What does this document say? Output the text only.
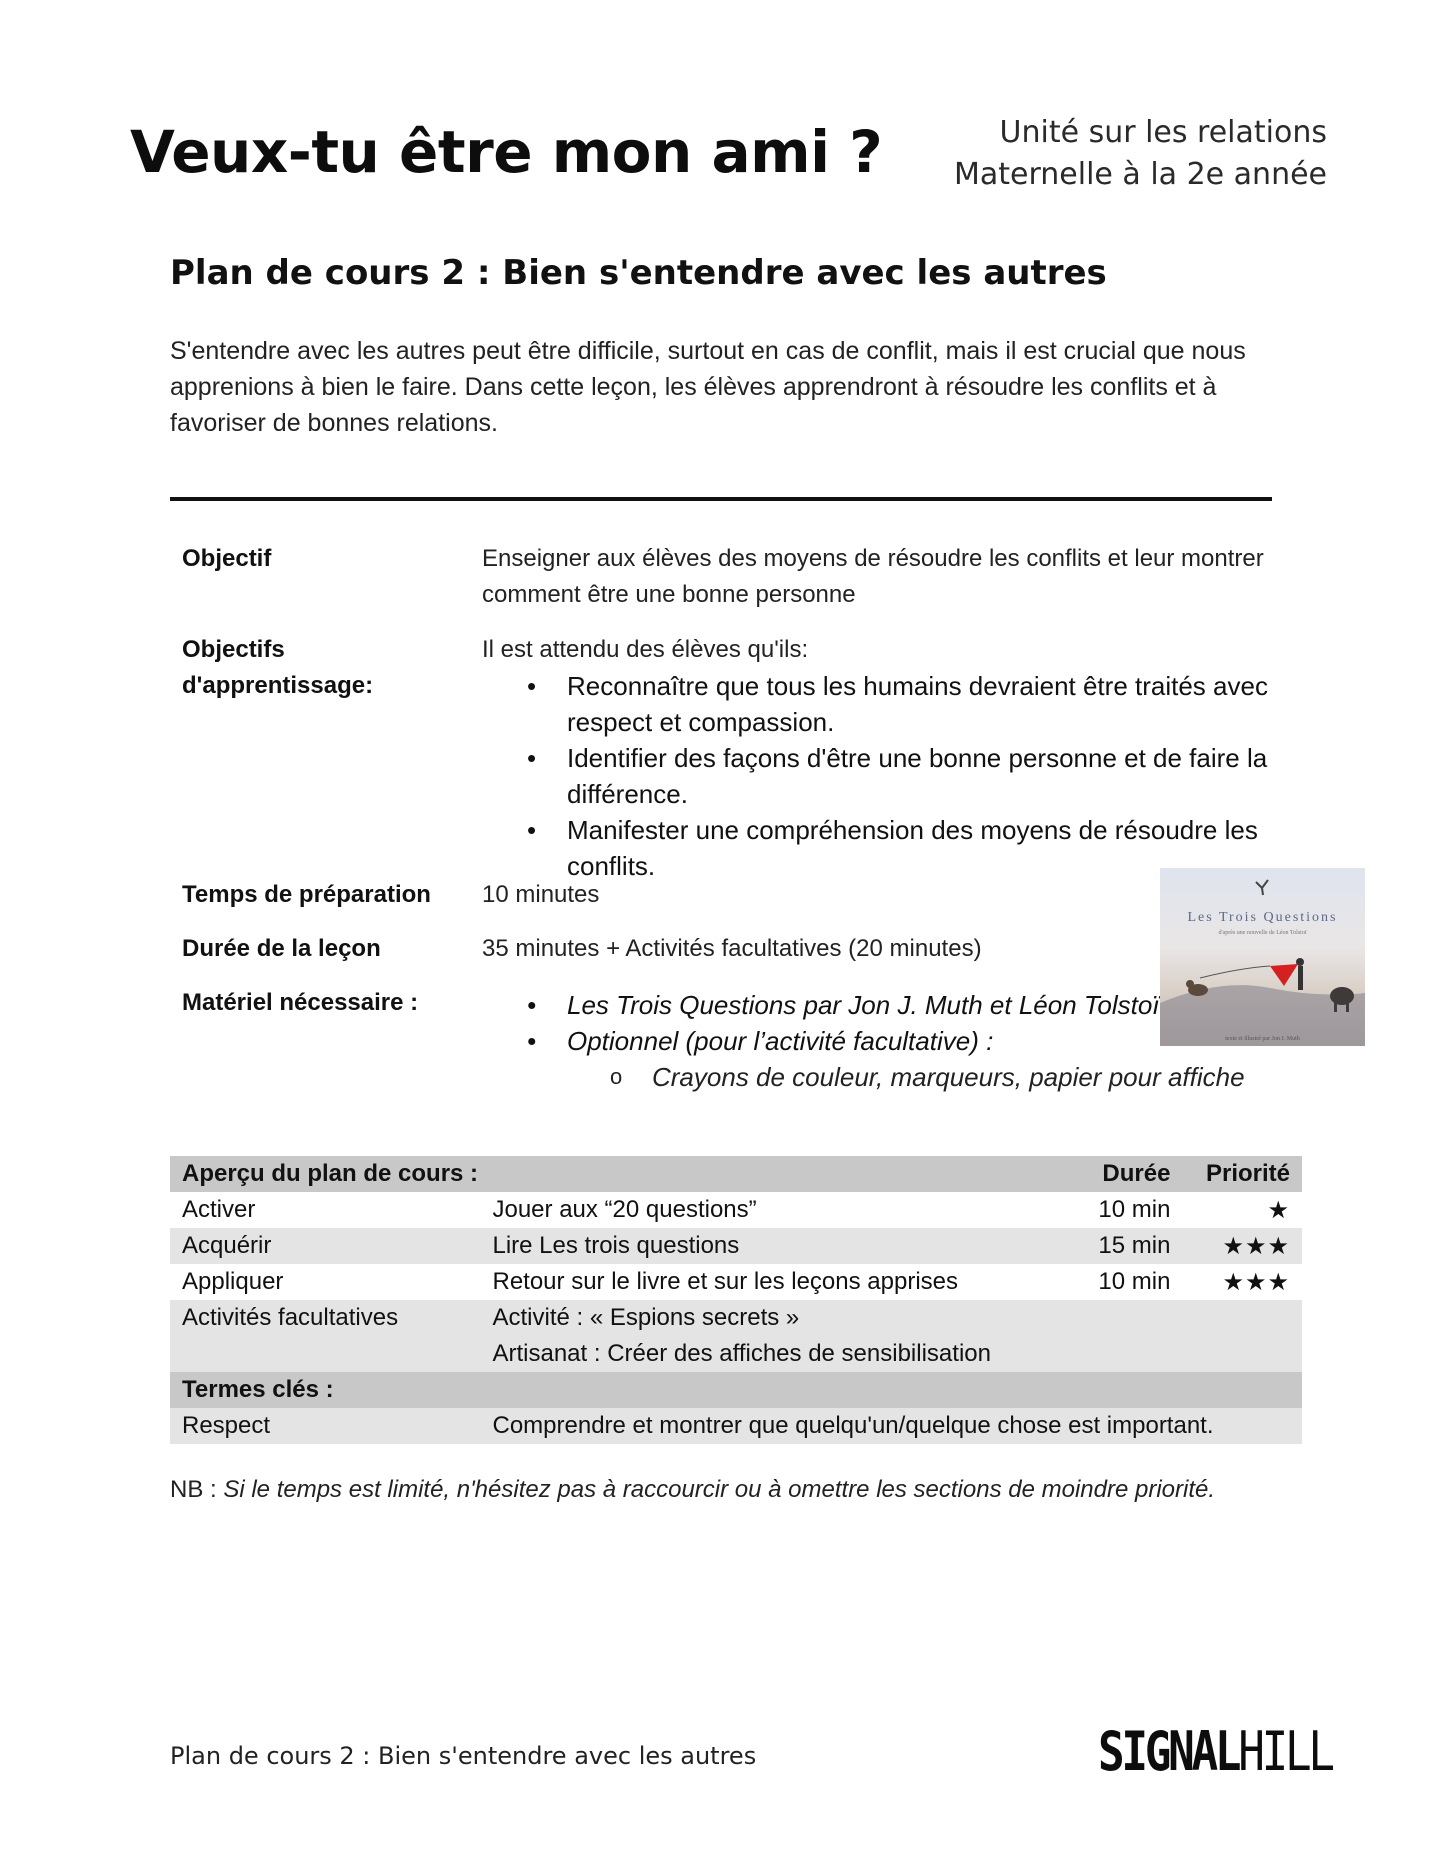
Veux-tu être mon ami ?	Unité sur les relations
Maternelle à la 2e année
Plan de cours 2 : Bien s'entendre avec les autres
S'entendre avec les autres peut être difficile, surtout en cas de conflit, mais il est crucial que nous apprenions à bien le faire. Dans cette leçon, les élèves apprendront à résoudre les conflits et à favoriser de bonnes relations.
Objectif	Enseigner aux élèves des moyens de résoudre les conflits et leur montrer comment être une bonne personne
Objectifs
d'apprentissage:
Il est attendu des élèves qu'ils:
• Reconnaître que tous les humains devraient être traités avec respect et compassion.
• Identifier des façons d'être une bonne personne et de faire la différence.
• Manifester une compréhension des moyens de résoudre les conflits.
Temps de préparation 10 minutes
Durée de la leçon	35 minutes + Activités facultatives (20 minutes)
Matériel nécessaire :	• Les Trois Questions par Jon J. Muth et Léon Tolstoï
• Optionnel (pour l’activité facultative) :
o Crayons de couleur, marqueurs, papier pour affiche
Les Trois Questions
d'après une nouvelle de Léon Tolstoï
texte et illustré par Jon J. Muth
Aperçu du plan de cours :		Durée	Priorité
Activer	Jouer aux “20 questions”	10 min	★
Acquérir	Lire Les trois questions	15 min	★★★
Appliquer	Retour sur le livre et sur les leçons apprises	10 min	★★★
Activités facultatives	Activité : « Espions secrets »
Artisanat : Créer des affiches de sensibilisation		

Termes clés :			
Respect	Comprendre et montrer que quelqu'un/quelque chose est important.		
NB : Si le temps est limité, n'hésitez pas à raccourcir ou à omettre les sections de moindre priorité.
Plan de cours 2 : Bien s'entendre avec les autres	SIGNALHILL
